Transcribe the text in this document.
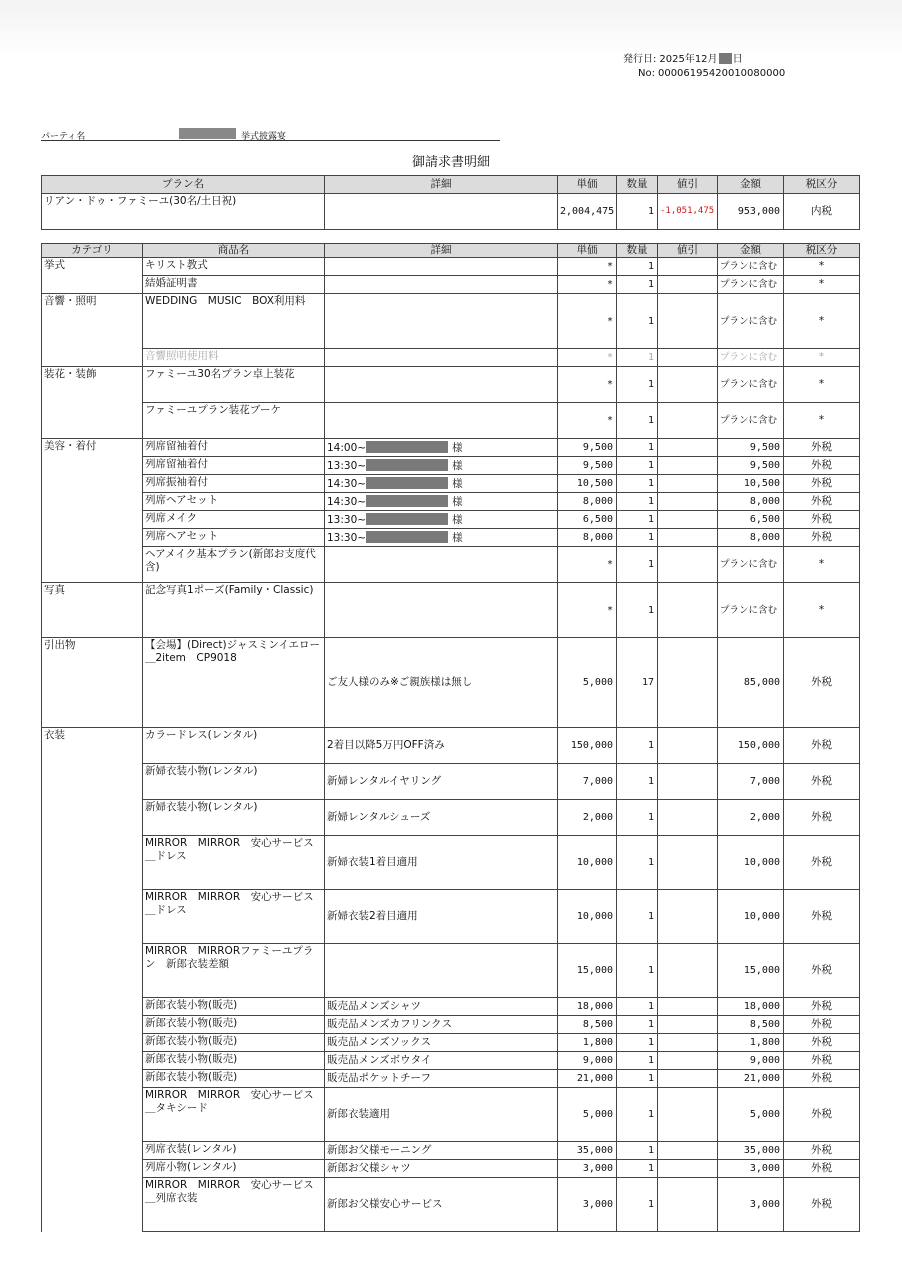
発行日: 2025年12月 日
No: 00006195420010080000
パーティ名	挙式披露宴
御請求書明細
プラン名	詳細	単価	数量	値引	金額	税区分
リアン・ドゥ・ファミーユ(30名/土日祝)		2,004,475	1	-1,051,475	953,000	内税
カテゴリ	商品名	詳細	単価	数量	値引	金額	税区分
挙式	キリスト教式		*	1		プランに含む	*
	結婚証明書		*	1		プランに含む	*
音響・照明	WEDDING　MUSIC　BOX利用料		*	1		プランに含む	*
	音響照明使用料		*	1		プランに含む	*
装花・装飾	ファミーユ30名プラン卓上装花		*	1		プランに含む	*
	ファミーユプラン装花ブーケ		*	1		プランに含む	*
美容・着付	列席留袖着付	14:00~ 様	9,500	1		9,500	外税
	列席留袖着付	13:30~ 様	9,500	1		9,500	外税
	列席振袖着付	14:30~ 様	10,500	1		10,500	外税
	列席ヘアセット	14:30~ 様	8,000	1		8,000	外税
	列席メイク	13:30~ 様	6,500	1		6,500	外税
	列席ヘアセット	13:30~ 様	8,000	1		8,000	外税
	ヘアメイク基本プラン(新郎お支度代含)		*	1		プランに含む	*
写真	記念写真1ポーズ(Family・Classic)		*	1		プランに含む	*
引出物	【会場】(Direct)ジャスミンイエロー＿2item　CP9018	ご友人様のみ※ご親族様は無し	5,000	17		85,000	外税
衣装	カラードレス(レンタル)	2着目以降5万円OFF済み	150,000	1		150,000	外税
	新婦衣装小物(レンタル)	新婦レンタルイヤリング	7,000	1		7,000	外税
	新婦衣装小物(レンタル)	新婦レンタルシューズ	2,000	1		2,000	外税
	MIRROR　MIRROR　安心サービス＿ドレス	新婦衣装1着目適用	10,000	1		10,000	外税
	MIRROR　MIRROR　安心サービス＿ドレス	新婦衣装2着目適用	10,000	1		10,000	外税
	MIRROR　MIRRORファミーユプラン　新郎衣装差額		15,000	1		15,000	外税
	新郎衣装小物(販売)	販売品メンズシャツ	18,000	1		18,000	外税
	新郎衣装小物(販売)	販売品メンズカフリンクス	8,500	1		8,500	外税
	新郎衣装小物(販売)	販売品メンズソックス	1,800	1		1,800	外税
	新郎衣装小物(販売)	販売品メンズボウタイ	9,000	1		9,000	外税
	新郎衣装小物(販売)	販売品ポケットチーフ	21,000	1		21,000	外税
	MIRROR　MIRROR　安心サービス＿タキシード	新郎衣装適用	5,000	1		5,000	外税
	列席衣装(レンタル)	新郎お父様モーニング	35,000	1		35,000	外税
	列席小物(レンタル)	新郎お父様シャツ	3,000	1		3,000	外税
	MIRROR　MIRROR　安心サービス＿列席衣装	新郎お父様安心サービス	3,000	1		3,000	外税
